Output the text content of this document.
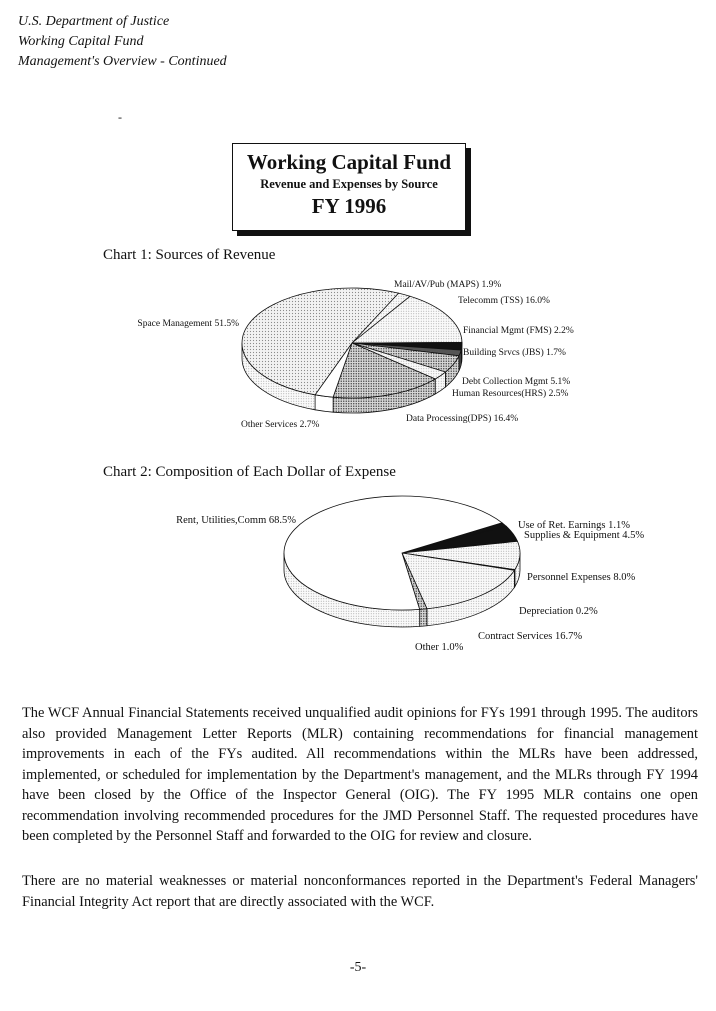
U.S. Department of Justice
Working Capital Fund
Management's Overview - Continued
-
Working Capital Fund
Revenue and Expenses by Source
FY 1996
Chart 1: Sources of Revenue
Mail/AV/Pub (MAPS) 1.9%
Telecomm (TSS) 16.0%
Financial Mgmt (FMS) 2.2%
Building Srvcs (JBS) 1.7%
Debt Collection Mgmt 5.1%
Human Resources(HRS) 2.5%
Data Processing(DPS) 16.4%
Other Services 2.7%
Space Management 51.5%
Chart 2: Composition of Each Dollar of Expense
Use of Ret. Earnings 1.1%
Supplies & Equipment 4.5%
Personnel Expenses 8.0%
Depreciation 0.2%
Contract Services 16.7%
Other 1.0%
Rent, Utilities,Comm 68.5%
The WCF Annual Financial Statements received unqualified audit opinions for FYs 1991 through 1995. The auditors also provided Management Letter Reports (MLR) containing recommendations for financial management improvements in each of the FYs audited. All recommendations within the MLRs have been addressed, implemented, or scheduled for implementation by the Department's management, and the MLRs through FY 1994 have been closed by the Office of the Inspector General (OIG). The FY 1995 MLR contains one open recommendation involving recommended procedures for the JMD Personnel Staff. The requested procedures have been completed by the Personnel Staff and forwarded to the OIG for review and closure.
There are no material weaknesses or material nonconformances reported in the Department's Federal Managers' Financial Integrity Act report that are directly associated with the WCF.
-5-
